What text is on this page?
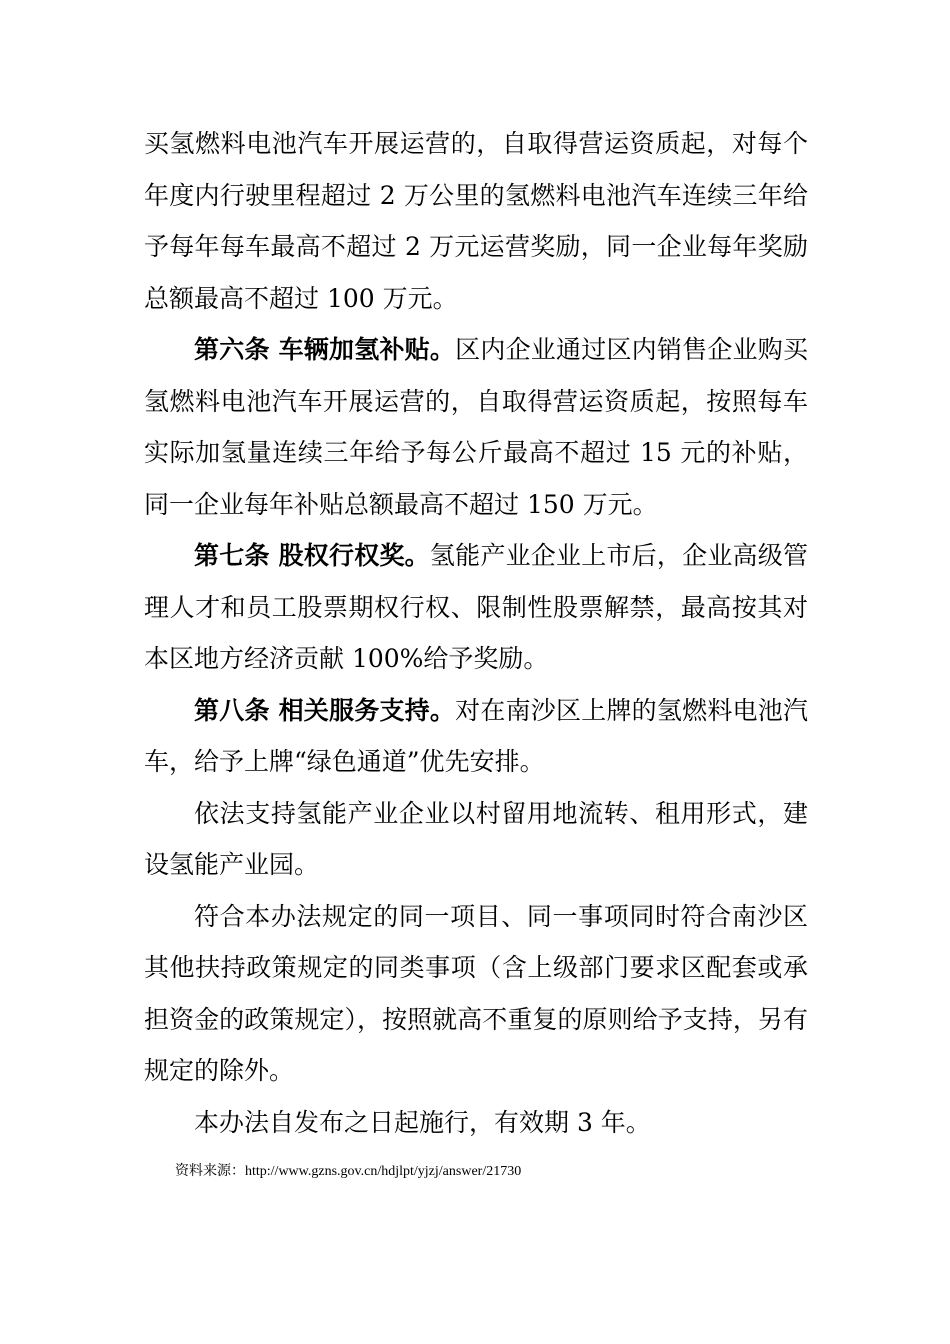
买氢燃料电池汽车开展运营的，自取得营运资质起，对每个年度内行驶里程超过 2 万公里的氢燃料电池汽车连续三年给予每年每车最高不超过 2 万元运营奖励，同一企业每年奖励总额最高不超过 100 万元。

第六条 车辆加氢补贴。区内企业通过区内销售企业购买氢燃料电池汽车开展运营的，自取得营运资质起，按照每车实际加氢量连续三年给予每公斤最高不超过 15 元的补贴，同一企业每年补贴总额最高不超过 150 万元。

第七条 股权行权奖。氢能产业企业上市后，企业高级管理人才和员工股票期权行权、限制性股票解禁，最高按其对本区地方经济贡献 100%给予奖励。

第八条 相关服务支持。对在南沙区上牌的氢燃料电池汽车，给予上牌“绿色通道”优先安排。

依法支持氢能产业企业以村留用地流转、租用形式，建设氢能产业园。

符合本办法规定的同一项目、同一事项同时符合南沙区其他扶持政策规定的同类事项（含上级部门要求区配套或承担资金的政策规定），按照就高不重复的原则给予支持，另有规定的除外。

本办法自发布之日起施行，有效期 3 年。

资料来源：http://www.gzns.gov.cn/hdjlpt/yjzj/answer/21730
